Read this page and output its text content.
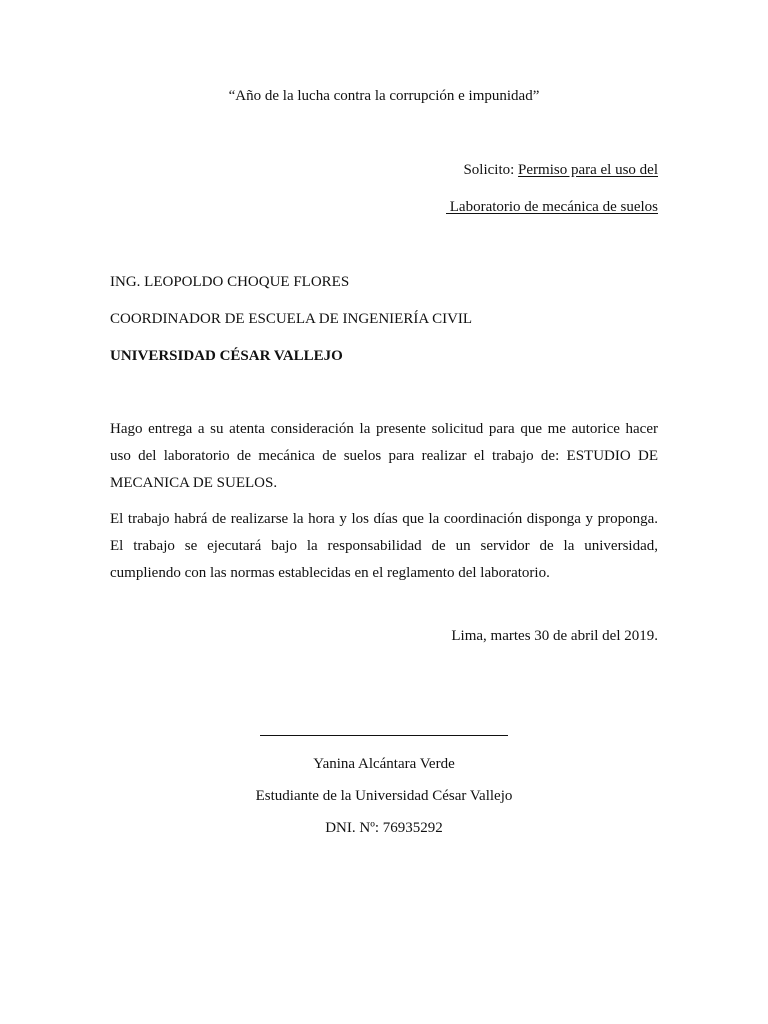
“Año de la lucha contra la corrupción e impunidad”
Solicito: Permiso para el uso del
Laboratorio de mecánica de suelos
ING. LEOPOLDO CHOQUE FLORES
COORDINADOR DE ESCUELA DE INGENIERÍA CIVIL
UNIVERSIDAD CÉSAR VALLEJO

Hago entrega a su atenta consideración la presente solicitud para que me autorice hacer uso del laboratorio de mecánica de suelos para realizar el trabajo de: ESTUDIO DE MECANICA DE SUELOS.

El trabajo habrá de realizarse la hora y los días que la coordinación disponga y proponga. El trabajo se ejecutará bajo la responsabilidad de un servidor de la universidad, cumpliendo con las normas establecidas en el reglamento del laboratorio.

Lima, martes 30 de abril del 2019.
Yanina Alcántara Verde
Estudiante de la Universidad César Vallejo
DNI. Nº: 76935292
